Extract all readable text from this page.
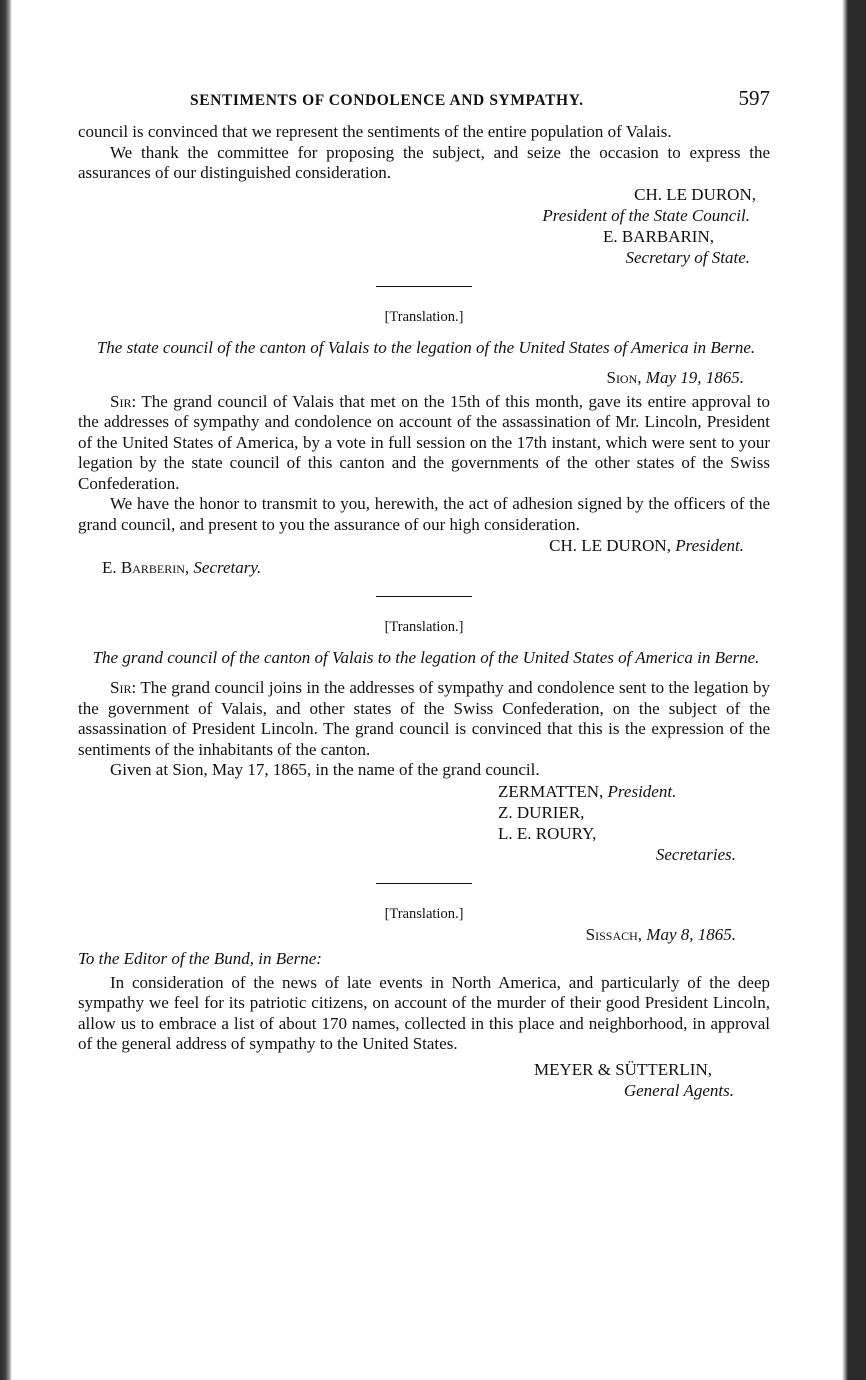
SENTIMENTS OF CONDOLENCE AND SYMPATHY.	597

council is convinced that we represent the sentiments of the entire population of Valais.

We thank the committee for proposing the subject, and seize the occasion to express the assurances of our distinguished consideration.

CH. LE DURON,
President of the State Council.
E. BARBARIN,
Secretary of State.
[Translation.]
The state council of the canton of Valais to the legation of the United States of America in Berne.
Sion, May 19, 1865.

Sir: The grand council of Valais that met on the 15th of this month, gave its entire approval to the addresses of sympathy and condolence on account of the assassination of Mr. Lincoln, President of the United States of America, by a vote in full session on the 17th instant, which were sent to your legation by the state council of this canton and the governments of the other states of the Swiss Confederation.

We have the honor to transmit to you, herewith, the act of adhesion signed by the officers of the grand council, and present to you the assurance of our high consideration.

CH. LE DURON, President.
E. Barberin, Secretary.
[Translation.]
The grand council of the canton of Valais to the legation of the United States of America in Berne.

Sir: The grand council joins in the addresses of sympathy and condolence sent to the legation by the government of Valais, and other states of the Swiss Confederation, on the subject of the assassination of President Lincoln. The grand council is convinced that this is the expression of the sentiments of the inhabitants of the canton.

Given at Sion, May 17, 1865, in the name of the grand council.

ZERMATTEN, President.
Z. DURIER,
L. E. ROURY,
Secretaries.
[Translation.]
Sissach, May 8, 1865.
To the Editor of the Bund, in Berne:

In consideration of the news of late events in North America, and particularly of the deep sympathy we feel for its patriotic citizens, on account of the murder of their good President Lincoln, allow us to embrace a list of about 170 names, collected in this place and neighborhood, in approval of the general address of sympathy to the United States.

MEYER & SÜTTERLIN,
General Agents.
